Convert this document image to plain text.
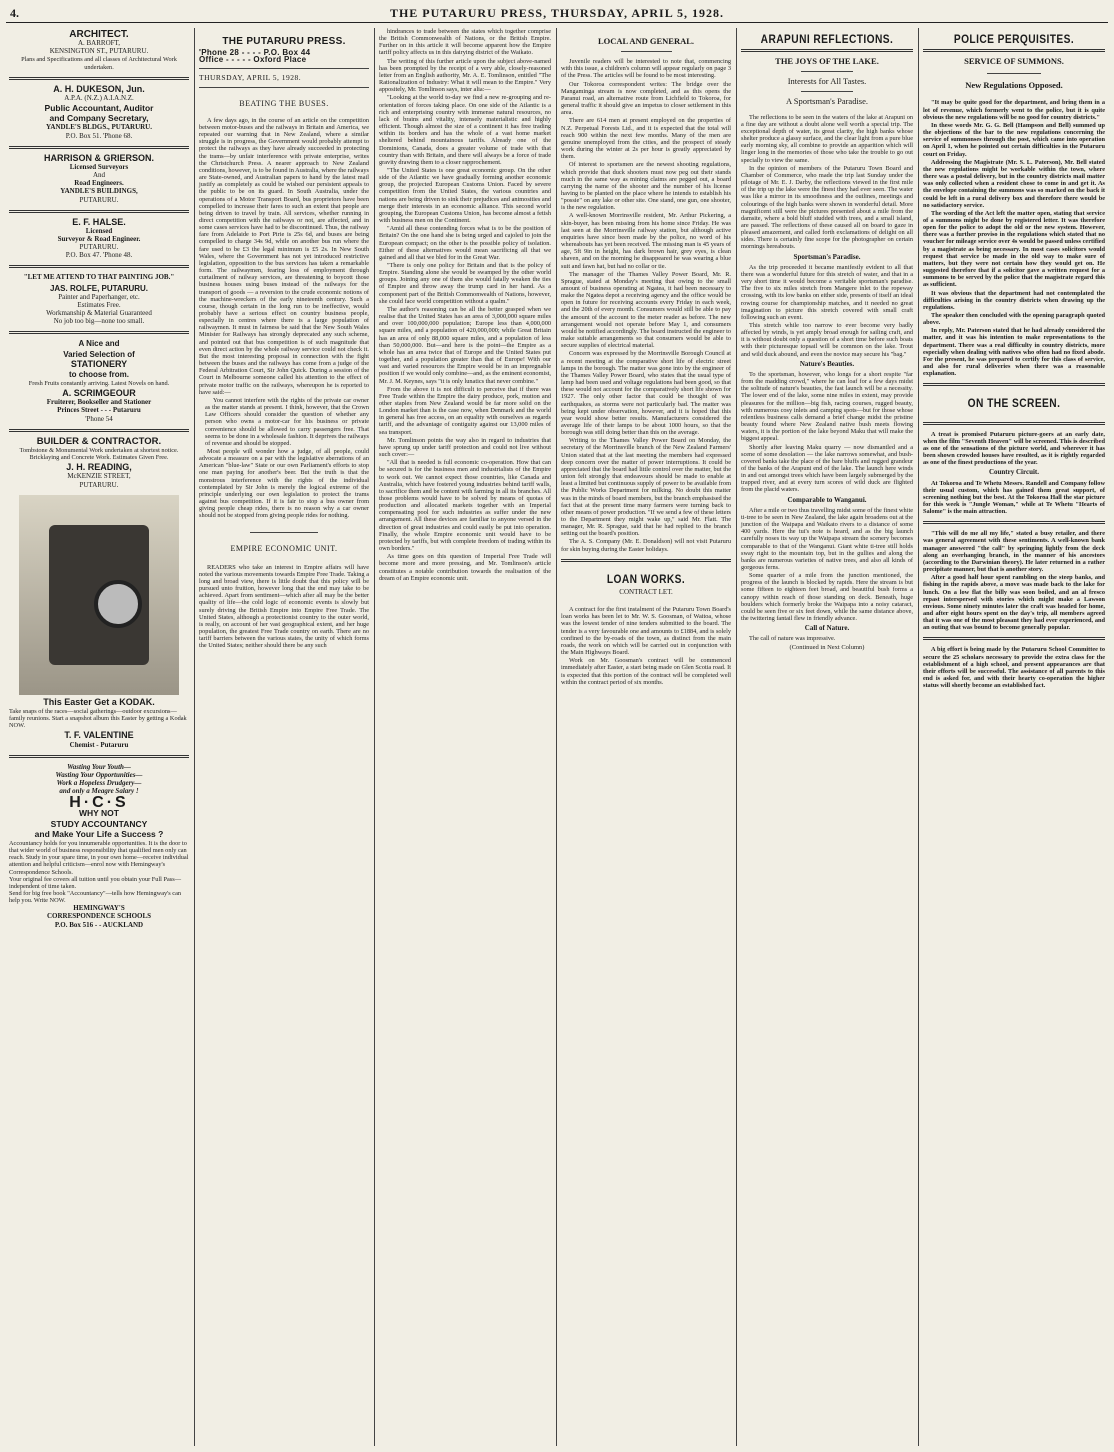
4.	THE PUTARURU PRESS, THURSDAY, APRIL 5, 1928.
ARCHITECT.
A. BARROFT,
KENSINGTON ST., PUTARURU.
Plans and Specifications and all classes of Architectural Work undertaken.
A. H. DUKESON, Jun.
A.P.A. (N.Z.) A.I.A.N.Z.
Public Accountant, Auditor
and Company Secretary,
YANDLE'S BLDGS., PUTARURU.
P.O. Box 51. 'Phone 68.
HARRISON & GRIERSON.
Licensed Surveyors
And
Road Engineers.
YANDLE'S BUILDINGS,
PUTARURU.
E. F. HALSE.
Licensed
Surveyor & Road Engineer.
PUTARURU.
P.O. Box 47. 'Phone 48.
"LET ME ATTEND TO THAT PAINTING JOB."
JAS. ROLFE, PUTARURU.
Painter and Paperhanger, etc.
Estimates Free.
Workmanship & Material Guaranteed
No job too big—none too small.
A Nice and
Varied Selection of
STATIONERY
to choose from.
Fresh Fruits constantly arriving. Latest Novels on hand.
A. SCRIMGEOUR
Fruiterer, Bookseller and Stationer
Princes Street - - - Putaruru
'Phone 54
BUILDER & CONTRACTOR.
Tombstone & Monumental Work undertaken at shortest notice.
Bricklaying and Concrete Work. Estimates Given Free.
J. H. READING,
McKENZIE STREET,
PUTARURU.
This Easter Get a KODAK.
Take snaps of the races—social gatherings—outdoor excursions—family reunions. Start a snapshot album this Easter by getting a Kodak NOW.
T. F. VALENTINE
Chemist - Putaruru
Wasting Your Youth—
Wasting Your Opportunities—
Work a Hopeless Drudgery—
and only a Meagre Salary !
H·C·S
WHY NOT
STUDY ACCOUNTANCY
and Make Your Life a Success ?
Accountancy holds for you innumerable opportunities. It is the door to that wider world of business responsibility that qualified men only can reach. Study in your spare time, in your own home—receive individual attention and helpful criticism—enrol now with Hemingway's Correspondence Schools.
Your original fee covers all tuition until you obtain your Full Pass—independent of time taken.
Send for big free book "Accountancy"—tells how Hemingway's can help you. Write NOW.
HEMINGWAY'S
CORRESPONDENCE SCHOOLS
P.O. Box 516 - - AUCKLAND
THE PUTARURU PRESS.
'Phone 28 - - - - P.O. Box 44
Office - - - - - Oxford Place
THURSDAY, APRIL 5, 1928.
BEATING THE BUSES.

A few days ago, in the course of an article on the competition between motor-buses and the railways in Britain and America, we repeated our warning that in New Zealand, where a similar struggle is in progress, the Government would probably attempt to protect the railways as they have already succeeded in protecting the trams—by unfair interference with private enterprise, writes the Christchurch Press. A nearer approach to New Zealand conditions, however, is to be found in Australia, where the railways are State-owned, and Australian papers to hand by the latest mail justify as completely as could be wished our persistent appeals to the public to be on its guard. In South Australia, under the operations of a Motor Transport Board, bus proprietors have been compelled to increase their fares to such an extent that people are being driven to travel by train. All services, whether running in direct competition with the railways or not, are affected, and in some cases services have had to be discontinued. Thus, the railway fare from Adelaide to Port Pirie is 25s 6d, and buses are being compelled to charge 34s 9d, while on another bus run where the fare used to be £3 the legal minimum is £5 2s. In New South Wales, where the Government has not yet introduced restrictive legislation, opposition to the bus services has taken a remarkable form. The railwaymen, fearing loss of employment through curtailment of railway services, are threatening to boycott those business houses using buses instead of the railways for the transport of goods — a reversion to the crude economic notions of the machine-wreckers of the early nineteenth century. Such a course, though certain in the long run to be ineffective, would probably have a serious effect on country business people, especially in centres where there is a large population of railwaymen. It must in fairness be said that the New South Wales Minister for Railways has strongly deprecated any such scheme, and pointed out that bus competition is of such magnitude that even direct action by the whole railway service could not check it. But the most interesting proposal in connection with the fight between the buses and the railways has come from a judge of the Federal Arbitration Court, Sir John Quick. During a session of the Court in Melbourne someone called his attention to the effect of private motor traffic on the railways, whereupon he is reported to have said:—

You cannot interfere with the rights of the private car owner as the matter stands at present. I think, however, that the Crown Law Officers should consider the question of whether any person who owns a motor-car for his business or private convenience should be allowed to carry passengers free. That seems to be done in a wholesale fashion. It deprives the railways of revenue and should be stopped.

Most people will wonder how a judge, of all people, could advocate a measure on a par with the legislative aberrations of an American "blue-law" State or our own Parliament's efforts to stop one man paying for another's beer. But the truth is that the monstrous interference with the rights of the individual contemplated by Sir John is merely the logical extreme of the principle underlying our own legislation to protect the trams against bus competition. If it is fair to stop a bus owner from giving people cheap rides, there is no reason why a car owner should not be stopped from giving people rides for nothing.

EMPIRE ECONOMIC UNIT.

READERS who take an interest in Empire affairs will have noted the various movements towards Empire Free Trade. Taking a long and broad view, there is little doubt that this policy will be pursued unto fruition, however long that the end may take to be achieved. Apart from sentiment—which after all may be the better quality of life—the cold logic of economic events is slowly but surely driving the British Empire into Empire Free Trade. The United States, although a protectionist country to the outer world, is really, on account of her vast geographical extent, and her huge population, the greatest Free Trade country on earth. There are no tariff barriers between the various states, the unity of which forms the United States; neither should there be any such

hindrances to trade between the states which together comprise the British Commonwealth of Nations, or the British Empire. Further on in this article it will become apparent how the Empire tariff policy affects us in this dairying district of the Waikato.

The writing of this further article upon the subject above-named has been prompted by the receipt of a very able, closely-reasoned letter from an English authority, Mr. A. E. Tomlinson, entitled "The Rationalization of Industry: What it will mean to the Empire." Very appositely, Mr. Tomlinson says, inter alia:—

"Looking at the world to-day we find a new re-grouping and re-orientation of forces taking place. On one side of the Atlantic is a rich and enterprising country with immense natural resources, no lack of brains and vitality, intensely materialistic and highly efficient. Though almost the size of a continent it has free trading within its borders and has the whole of a vast home market sheltered behind mountainous tariffs. Already one of the Dominions, Canada, does a greater volume of trade with that country than with Britain, and there will always be a force of trade gravity drawing them to a closer rapprochement.

"The United States is one great economic group. On the other side of the Atlantic we have gradually forming another economic group, the projected European Customs Union. Faced by severe competition from the United States, the various countries and nations are being driven to sink their prejudices and animosities and merge their interests in an economic alliance. This second world grouping, the European Customs Union, has become almost a fetish with business men on the Continent.

"Amid all these contending forces what is to be the position of Britain? On the one hand she is being urged and cajoled to join the European compact; on the other is the possible policy of isolation. Either of these alternatives would mean sacrificing all that we gained and all that we bled for in the Great War.

"There is only one policy for Britain and that is the policy of Empire. Standing alone she would be swamped by the other world groups. Joining any one of them she would fatally weaken the ties of Empire and throw away the trump card in her hand. As a component part of the British Commonwealth of Nations, however, she could face world competition without a qualm."

The author's reasoning can be all the better grasped when we realise that the United States has an area of 3,000,000 square miles and over 100,000,000 population; Europe less than 4,000,000 square miles, and a population of 420,000,000; while Great Britain has an area of only 88,000 square miles, and a population of less than 50,000,000. But—and here is the point—the Empire as a whole has an area twice that of Europe and the United States put together, and a population greater than that of Europe! With our vast and varied resources the Empire would be in an impregnable position if we would only combine—and, as the eminent economist, Mr. J. M. Keynes, says "it is only lunatics that never combine."

From the above it is not difficult to perceive that if there was Free Trade within the Empire the dairy produce, pork, mutton and other staples from New Zealand would be far more solid on the London market than is the case now, when Denmark and the world in general has free access, on an equality with ourselves as regards tariff, and the advantage of contiguity against our 13,000 miles of sea transport.

Mr. Tomlinson points the way also in regard to industries that have sprung up under tariff protection and could not live without such cover:—

"All that is needed is full economic co-operation. How that can be secured is for the business men and industrialists of the Empire to work out. We cannot expect those countries, like Canada and Australia, which have fostered young industries behind tariff walls, to sacrifice them and be content with farming in all its branches. All those problems would have to be solved by means of quotas of production and allocated markets together with an Imperial compensating pool for such industries as suffer under the new arrangement. All these devices are familiar to anyone versed in the direction of great industries and could easily be put into operation. Finally, the whole Empire economic unit would have to be protected by tariffs, but with complete freedom of trading within its own borders."

As time goes on this question of Imperial Free Trade will become more and more pressing, and Mr. Tomlinson's article constitutes a notable contribution towards the realisation of the dream of an Empire economic unit.

LOCAL AND GENERAL.

Juvenile readers will be interested to note that, commencing with this issue, a children's column will appear regularly on page 3 of the Press. The articles will be found to be most interesting.

Our Tokoroa correspondent writes: The bridge over the Mangaminga stream is now completed, and as this opens the Paranui road, an alternative route from Lichfield to Tokoroa, for general traffic it should give an impetus to closer settlement in this area.

There are 614 men at present employed on the properties of N.Z. Perpetual Forests Ltd., and it is expected that the total will reach 900 within the next few months. Many of the men are genuine unemployed from the cities, and the prospect of steady work during the winter at 2s per hour is greatly appreciated by them.

Of interest to sportsmen are the newest shooting regulations, which provide that duck shooters must now peg out their stands much in the same way as mining claims are pegged out, a board carrying the name of the shooter and the number of his license having to be planted on the place where he intends to establish his "possie" on any lake or other site. One stand, one gun, one shooter, is the new regulation.

A well-known Morrinsville resident, Mr. Arthur Pickering, a skin-buyer, has been missing from his home since Friday. He was last seen at the Morrinsville railway station, but although active enquiries have since been made by the police, no word of his whereabouts has yet been received. The missing man is 45 years of age, 5ft 9in in height, has dark brown hair, grey eyes, is clean shaven, and on the morning he disappeared he was wearing a blue suit and fawn hat, but had no collar or tie.

The manager of the Thames Valley Power Board, Mr. R. Sprague, stated at Monday's meeting that owing to the small amount of business operating at Ngatea, it had been necessary to make the Ngatea depot a receiving agency and the office would be open in future for receiving accounts every Friday in each week, and the 20th of every month. Consumers would still be able to pay the amount of the account to the meter reader as before. The new arrangement would not operate before May 1, and consumers would be notified accordingly. The board instructed the engineer to make suitable arrangements so that consumers would be able to secure supplies of electrical material.

Concern was expressed by the Morrinsville Borough Council at a recent meeting at the comparative short life of electric street lamps in the borough. The matter was gone into by the engineer of the Thames Valley Power Board, who states that the usual type of lamp had been used and voltage regulations had been good, so that these would not account for the comparatively short life shown for 1927. The only other factor that could be thought of was earthquakes, as storms were not particularly bad. The matter was being kept under observation, however, and it is hoped that this year would show better results. Manufacturers considered the average life of their lamps to be about 1000 hours, so that the borough was still doing better than this on the average.

Writing to the Thames Valley Power Board on Monday, the secretary of the Morrinsville branch of the New Zealand Farmers' Union stated that at the last meeting the members had expressed deep concern over the matter of power interruptions. It could be appreciated that the board had little control over the matter, but the union felt strongly that endeavours should be made to enable at least a limited but continuous supply of power to be available from the Public Works Department for milking. No doubt this matter was in the minds of board members, but the branch emphasised the fact that at the present time many farmers were turning back to other means of power production. "If we send a few of these letters to the Department they might wake up," said Mr. Flatt. The manager, Mr. R. Sprague, said that he had replied to the branch setting out the board's position.

The A. S. Company (Mr. E. Donaldson) will not visit Putaruru for skin buying during the Easter holidays.

LOAN WORKS.
CONTRACT LET.

A contract for the first instalment of the Putaruru Town Board's loan works has been let to Mr. W. S. Goosman, of Waitoa, whose was the lowest tender of nine tenders submitted to the board. The tender is a very favourable one and amounts to £1884, and is solely confined to the by-roads of the town, as distinct from the main roads, the work on which will be carried out in conjunction with the Main Highways Board.

Work on Mr. Goosman's contract will be commenced immediately after Easter, a start being made on Glen Scotia road. It is expected that this portion of the contract will be completed well within the contract period of six months.

ARAPUNI REFLECTIONS.
THE JOYS OF THE LAKE.
Interests for All Tastes.
A Sportsman's Paradise.

The reflections to be seen in the waters of the lake at Arapuni on a fine day are without a doubt alone well worth a special trip. The exceptional depth of water, its great clarity, the high banks whose shelter produce a glassy surface, and the clear light from a pure blue early morning sky, all combine to provide an apparition which will linger long in the memories of those who take the trouble to go out specially to view the same.

In the opinion of members of the Putaruru Town Board and Chamber of Commerce, who made the trip last Sunday under the pilotage of Mr. E. J. Darby, the reflections viewed in the first mile of the trip up the lake were the finest they had ever seen. The water was like a mirror in its smoothness and the outlines, meetings and colourings of the high banks were shown in wonderful detail. More magnificent still were the pictures presented about a mile from the damsite, where a bold bluff studded with trees, and a small island, are passed. The reflections of these caused all on board to gaze in pleased amazement, and called forth exclamations of delight on all sides. There is certainly fine scope for the photographer on certain mornings hereabouts.

Sportsman's Paradise.

As the trip proceeded it became manifestly evident to all that there was a wonderful future for this stretch of water, and that in a very short time it would become a veritable sportsman's paradise. The five to six miles stretch from Mangere inlet to the ropeway crossing, with its low banks on either side, presents of itself an ideal rowing course for championship matches, and it needed no great imagination to picture this stretch covered with small craft following such an event.

This stretch while too narrow to ever become very badly affected by winds, is yet amply broad enough for sailing craft, and it is without doubt only a question of a short time before such boats with their picturesque topsail will be common on the lake. Trout and wild duck abound, and even the novice may secure his "bag."

Nature's Beauties.

To the sportsman, however, who longs for a short respite "far from the madding crowd," where he can loaf for a few days midst the solitude of nature's beauties, the fast launch will be a necessity. The lower end of the lake, some nine miles in extent, may provide pleasures for the million—big fish, racing courses, rugged beauty, with numerous cosy inlets and camping spots—but for those whose relentless business calls demand a brief change midst the pristine beauty found where New Zealand native bush meets flowing waters, it is the portion of the lake beyond Maku that will make the biggest appeal.

Shortly after leaving Maku quarry — now dismantled and a scene of some desolation — the lake narrows somewhat, and bush-covered banks take the place of the bare bluffs and rugged grandeur of the banks of the Arapuni end of the lake. The launch here winds in and out amongst trees which have been largely submerged by the trapped river, and at every turn scores of wild duck are flighted from the placid waters.

Comparable to Wanganui.

After a mile or two thus travelling midst some of the finest white ti-tree to be seen in New Zealand, the lake again broadens out at the junction of the Waipapa and Waikato rivers to a distance of some 400 yards. Here the tui's note is heard, and as the big launch carefully noses its way up the Waipapa stream the scenery becomes comparable to that of the Wanganui. Giant white ti-tree still holds sway right to the mountain top, but in the gullies and along the banks are numerous varieties of native trees, and also all kinds of gorgeous ferns.

Some quarter of a mile from the junction mentioned, the progress of the launch is blocked by rapids. Here the stream is but some fifteen to eighteen feet broad, and beautiful bush forms a canopy within reach of those standing on deck. Beneath, huge boulders which formerly broke the Waipapa into a noisy cataract, could be seen five or six feet down, while the same distance above, the twittering fantail flew in friendly advance.

Call of Nature.

The call of nature was impressive.

(Continued in Next Column)
POLICE PERQUISITES.
SERVICE OF SUMMONS.
New Regulations Opposed.

"It may be quite good for the department, and bring them in a lot of revenue, which formerly went to the police, but it is quite obvious the new regulations will be no good for country districts."

In these words Mr. G. G. Bell (Hampson and Bell) summed up the objections of the bar to the new regulations concerning the service of summonses through the post, which came into operation on April 1, when he pointed out certain difficulties in the Putaruru court on Friday.

Addressing the Magistrate (Mr. S. L. Paterson), Mr. Bell stated the new regulations might be workable within the town, where there was a postal delivery, but in the country districts mail matter was only collected when a resident chose to come in and get it. As the envelope containing the summons was so marked on the back it could be left in a rural delivery box and therefore there would be no satisfactory service.

The wording of the Act left the matter open, stating that service of a summons might be done by registered letter. It was therefore open for the police to adopt the old or the new system. However, there was a further proviso in the regulations which stated that no voucher for mileage service over 4s would be passed unless certified by a magistrate as being necessary. In most cases solicitors would request that service be made in the old way to make sure of matters, but they were not certain how they would get on. He suggested therefore that if a solicitor gave a written request for a summons to be served by the police that the magistrate regard this as sufficient.

It was obvious that the department had not contemplated the difficulties arising in the country districts when drawing up the regulations.

The speaker then concluded with the opening paragraph quoted above.

In reply, Mr. Paterson stated that he had already considered the matter, and it was his intention to make representations to the department. There was a real difficulty in country districts, more especially when dealing with natives who often had no fixed abode. For the present, he was prepared to certify for this class of service, and also for rural deliveries when there was a reasonable explanation.

ON THE SCREEN.

A treat is promised Putaruru picture-goers at an early date, when the film "Seventh Heaven" will be screened. This is described as one of the sensations of the picture world, and wherever it has been shown crowded houses have resulted, as it is rightly regarded as one of the finest productions of the year.

Country Circuit.

At Tokoroa and Te Whetu Messrs. Randell and Company follow their usual custom, which has gained them great support, of screening nothing but the best. At the Tokoroa Hall the star picture for this week is "Jungle Woman," while at Te Whetu "Hearts of Salome" is the main attraction.

"This will do me all my life," stated a busy retailer, and there was general agreement with these sentiments. A well-known bank manager answered "the call" by springing lightly from the deck along an overhanging branch, in the manner of his ancestors (according to the Darwinian theory). He later returned in a rather precipitate manner, but that is another story.

After a good half hour spent rambling on the steep banks, and fishing in the rapids above, a move was made back to the lake for lunch. On a low flat the billy was soon boiled, and an al fresco repast interspersed with stories which might make a Lawson envious. Some ninety minutes later the craft was headed for home, and after eight hours spent on the day's trip, all members agreed that it was one of the most pleasant they had ever experienced, and an outing that was bound to become generally popular.

A big effort is being made by the Putaruru School Committee to secure the 25 scholars necessary to provide the extra class for the establishment of a high school, and present appearances are that their efforts will be successful. The assistance of all parents to this end is asked for, and with their hearty co-operation the higher status will shortly become an established fact.
